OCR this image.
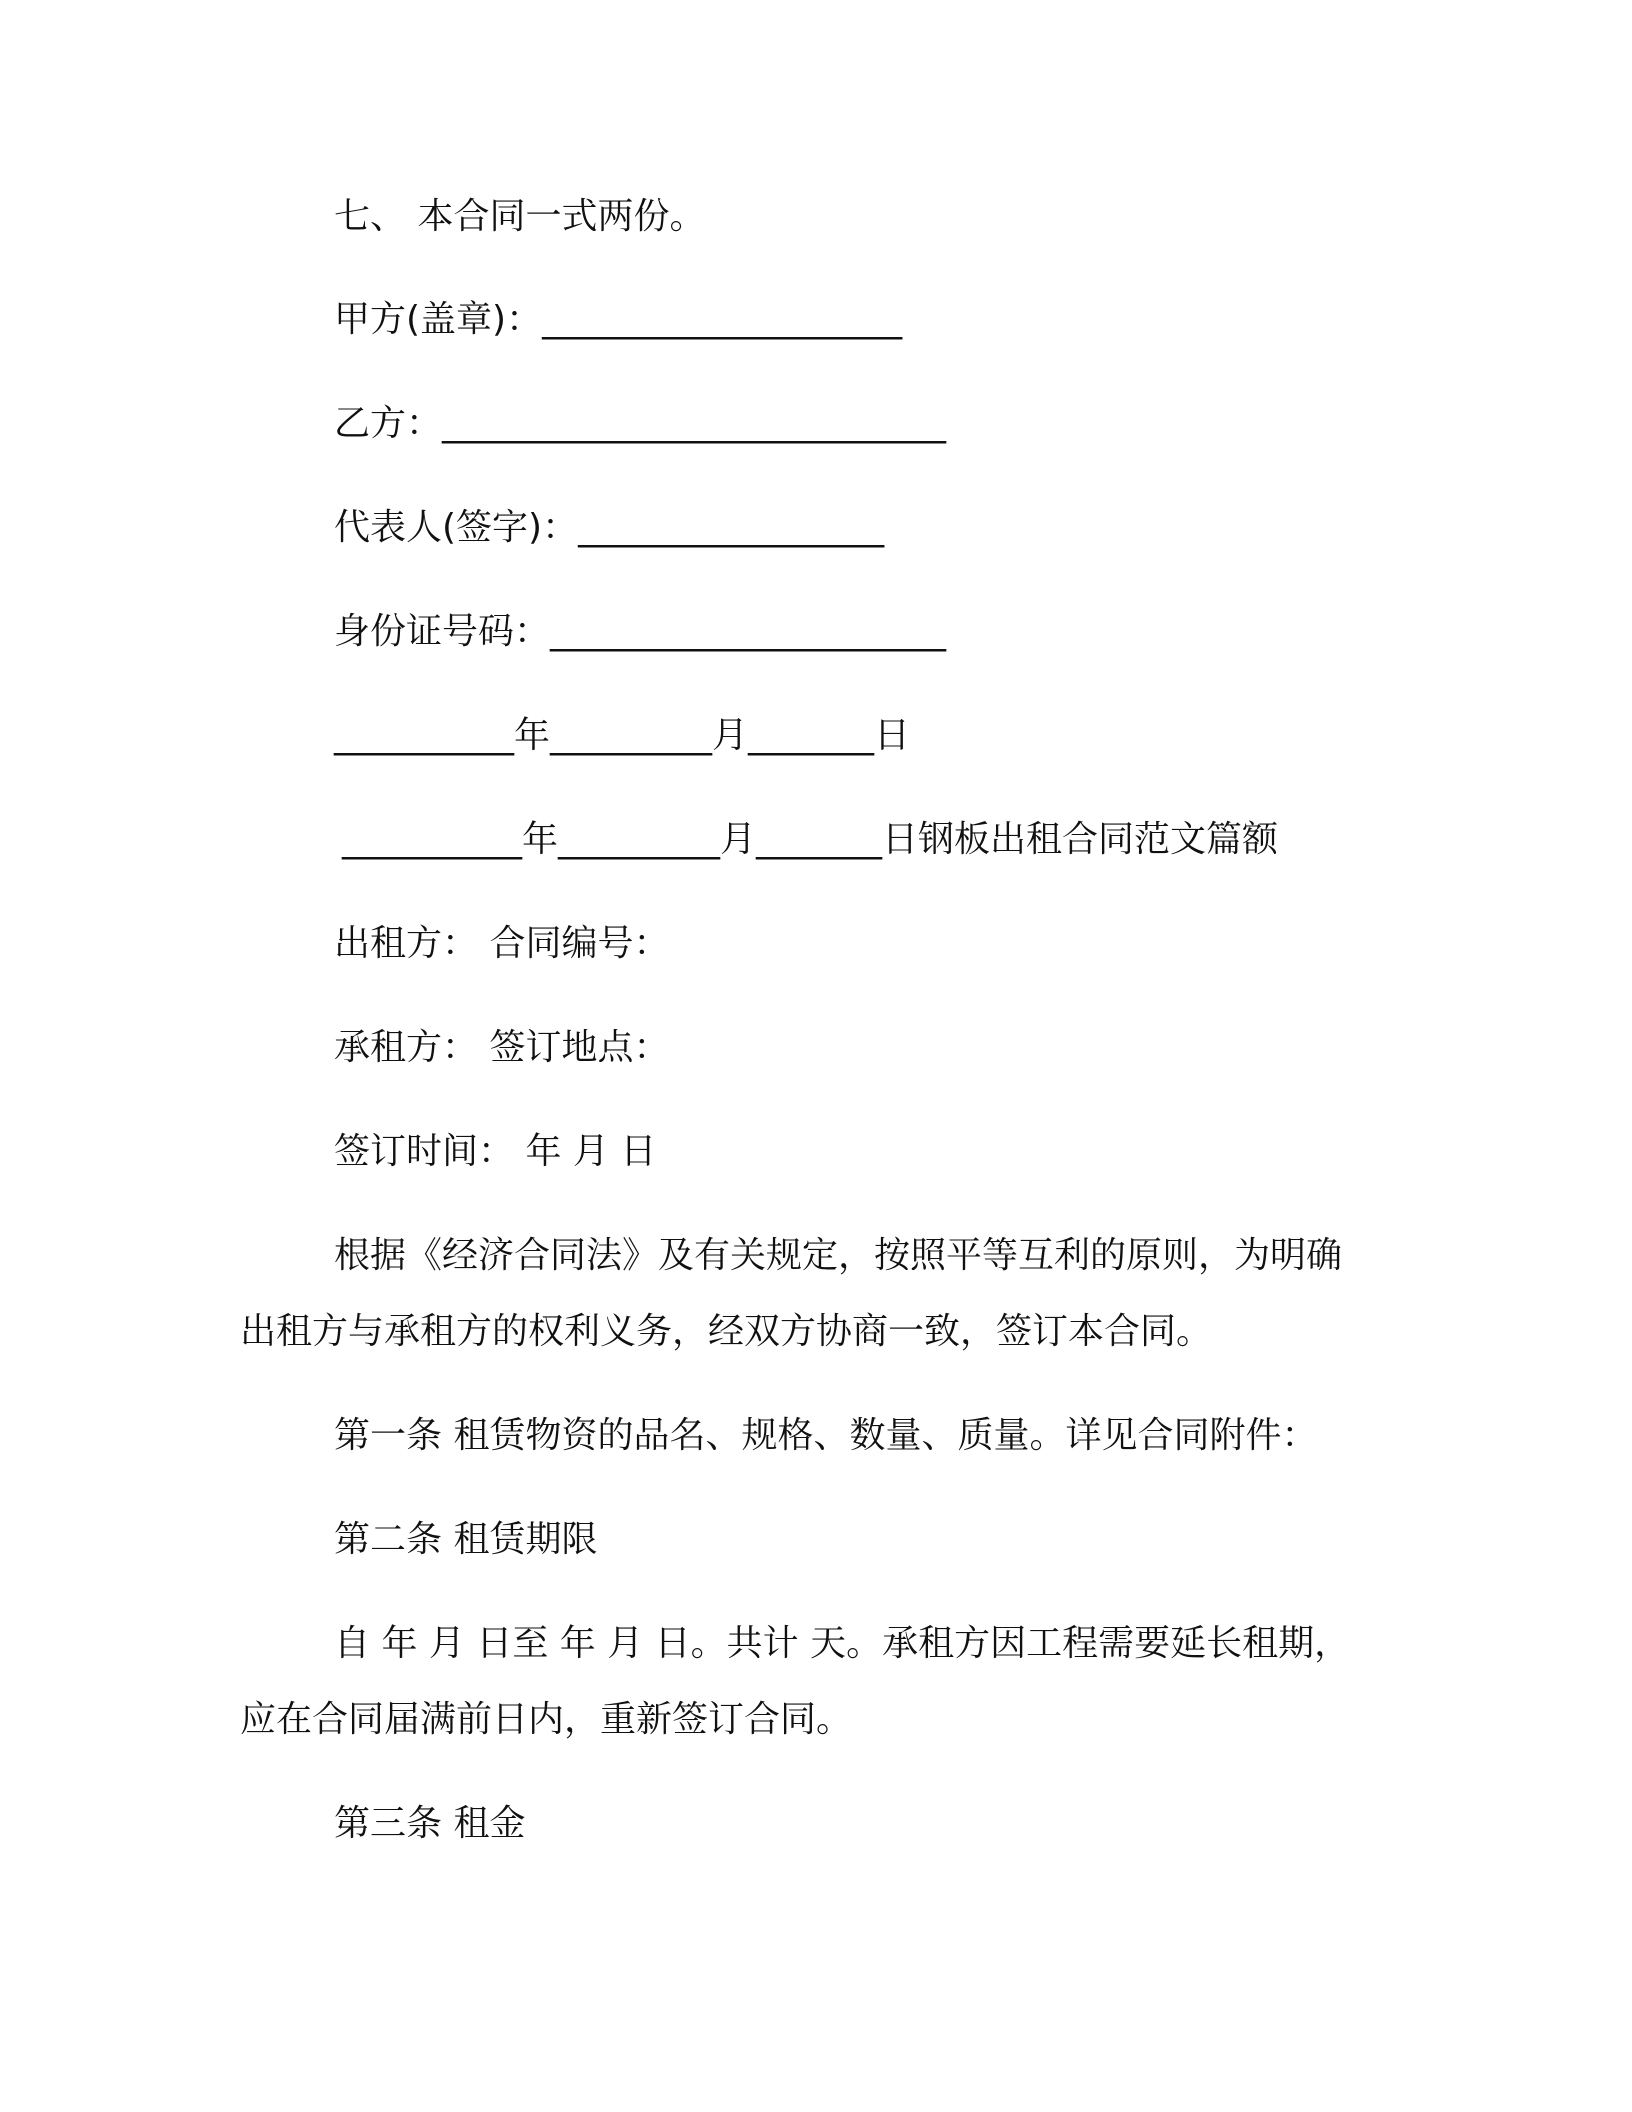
七、 本合同一式两份。

甲方(盖章)：____________________

乙方：____________________________

代表人(签字)：_________________

身份证号码：______________________

__________年_________月_______日

__________年_________月_______日钢板出租合同范文篇额

出租方： 合同编号：

承租方： 签订地点：

签订时间： 年 月 日

根据《经济合同法》及有关规定，按照平等互利的原则，为明确

出租方与承租方的权利义务，经双方协商一致，签订本合同。

第一条 租赁物资的品名、规格、数量、质量。详见合同附件：

第二条 租赁期限

自 年 月 日至 年 月 日。共计 天。承租方因工程需要延长租期，

应在合同届满前日内，重新签订合同。

第三条 租金
